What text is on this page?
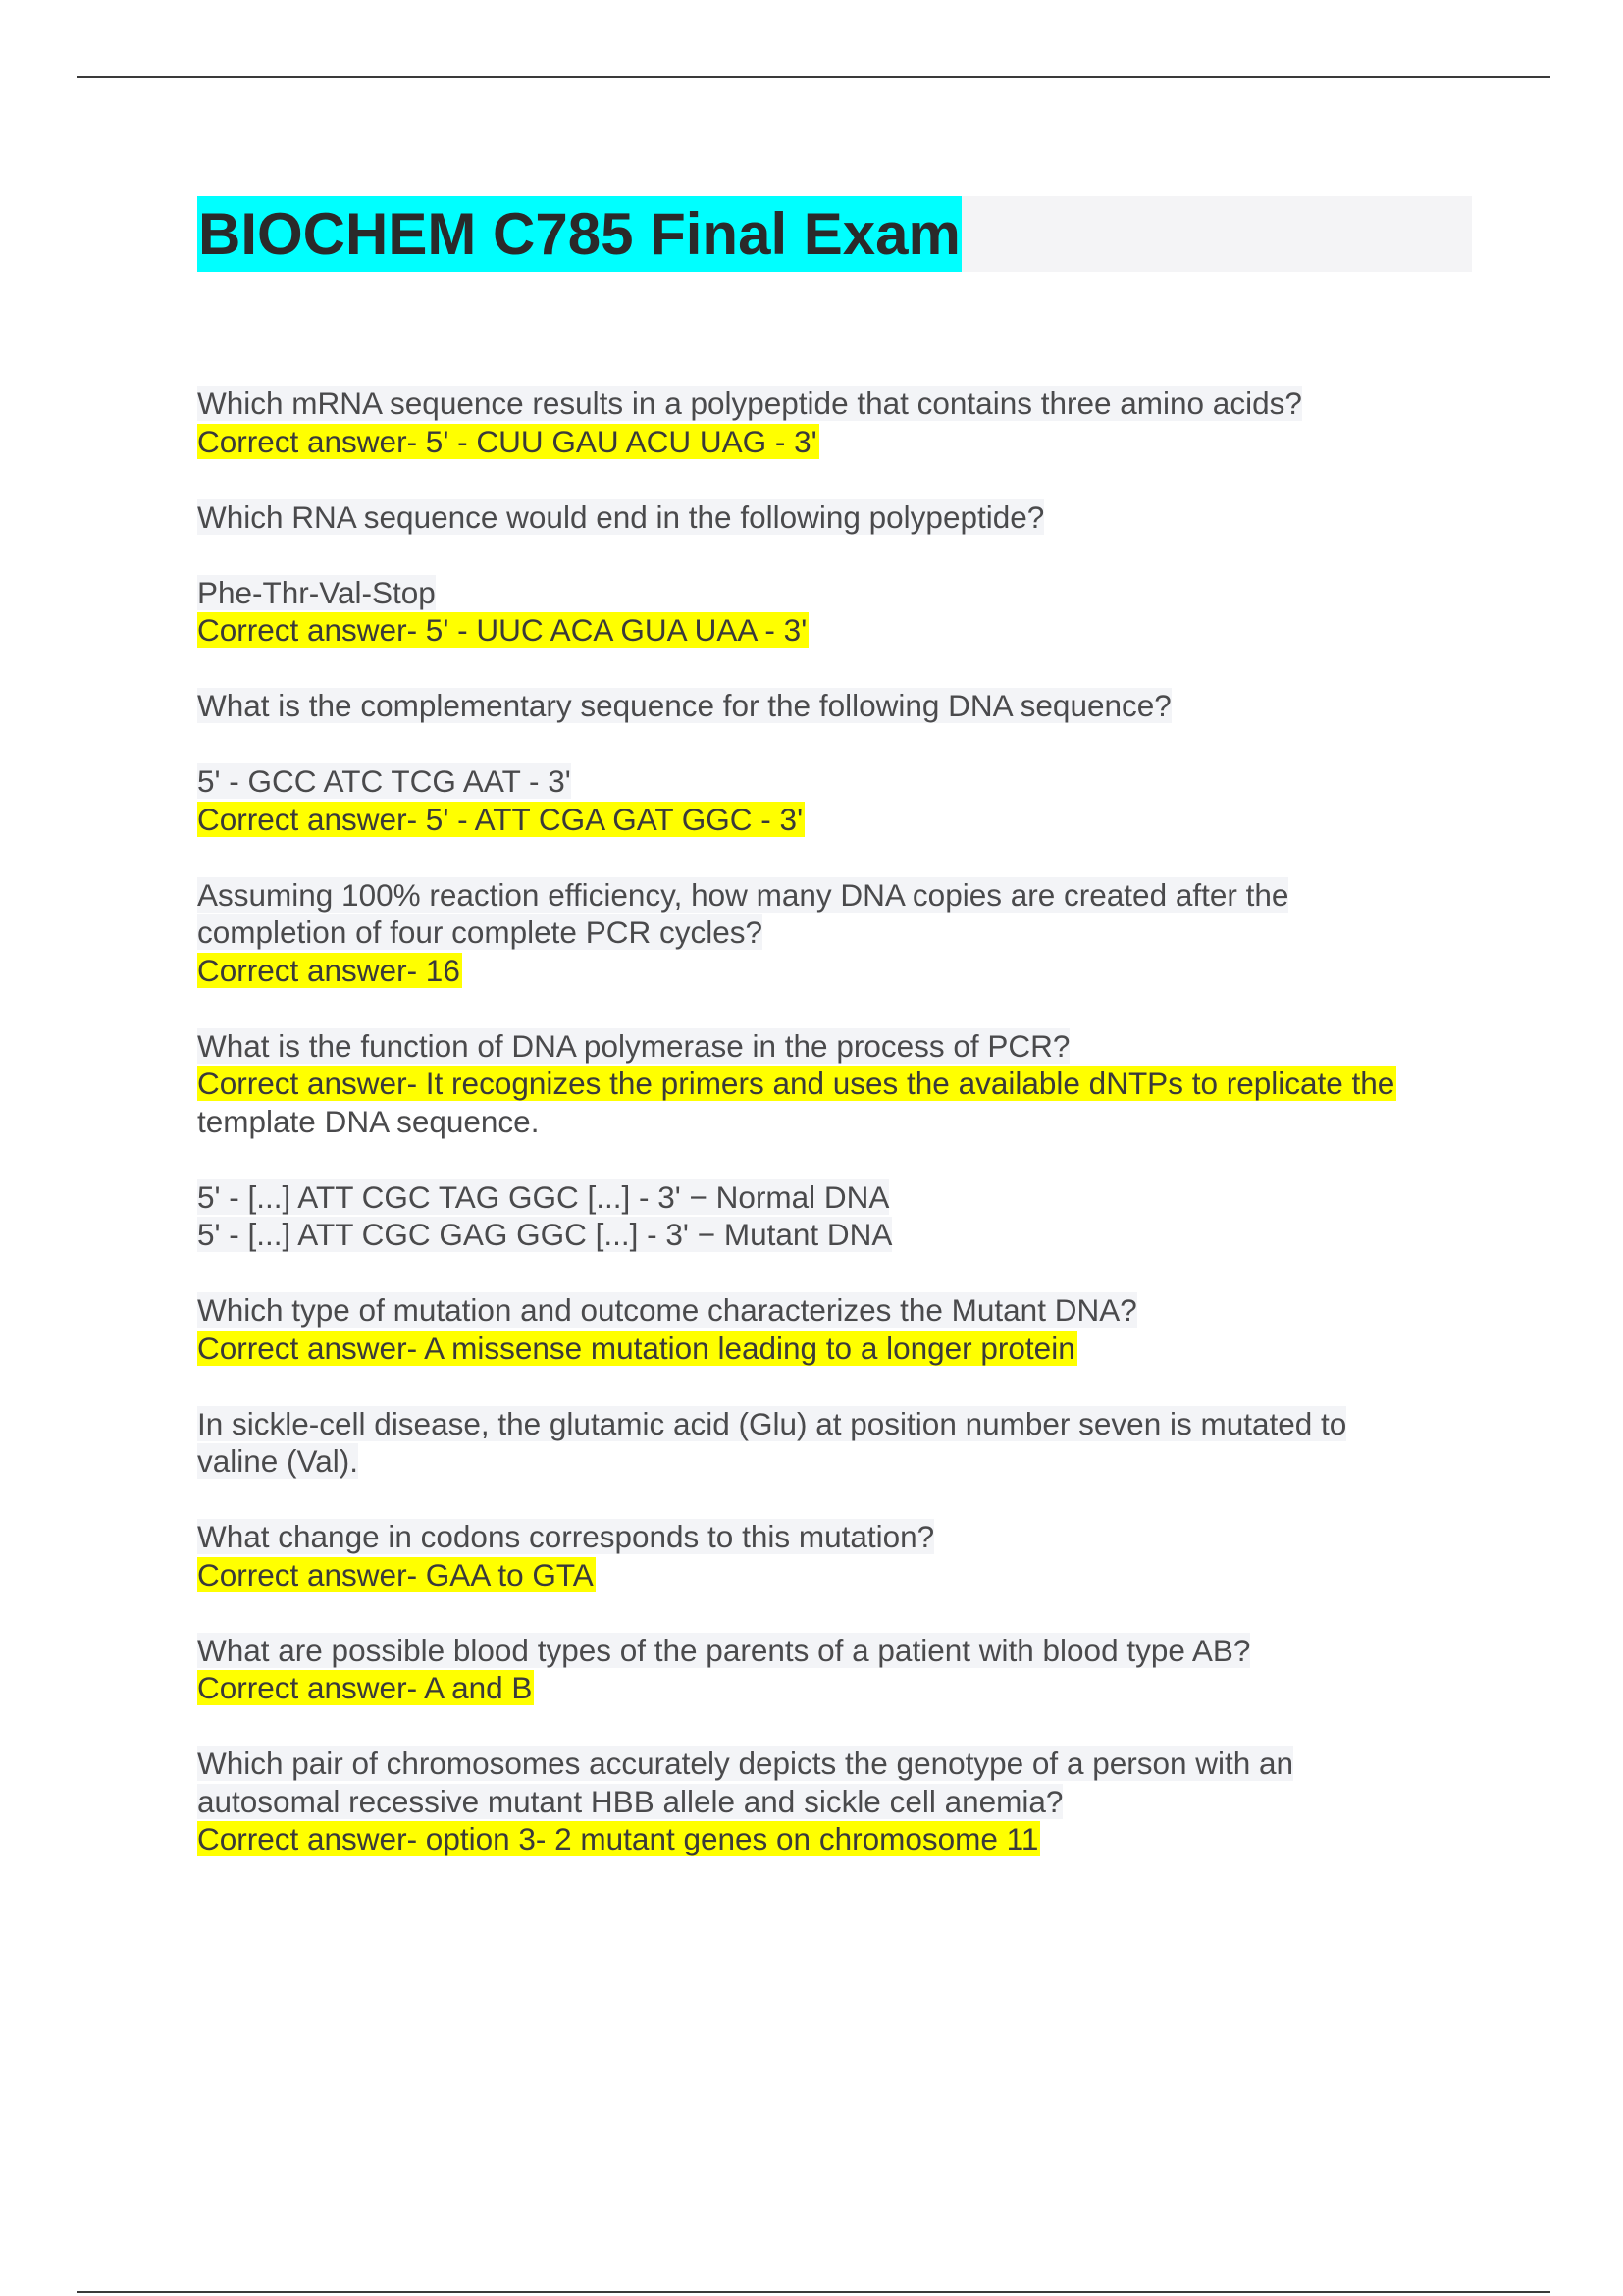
BIOCHEM C785 Final Exam
Which mRNA sequence results in a polypeptide that contains three amino acids?
Correct answer- 5' - CUU GAU ACU UAG - 3'
Which RNA sequence would end in the following polypeptide?
Phe-Thr-Val-Stop
Correct answer- 5' - UUC ACA GUA UAA - 3'
What is the complementary sequence for the following DNA sequence?
5' - GCC ATC TCG AAT - 3'
Correct answer- 5' - ATT CGA GAT GGC - 3'
Assuming 100% reaction efficiency, how many DNA copies are created after the
completion of four complete PCR cycles?
Correct answer- 16
What is the function of DNA polymerase in the process of PCR?
Correct answer- It recognizes the primers and uses the available dNTPs to replicate the
template DNA sequence.
5' - [...] ATT CGC TAG GGC [...] - 3' − Normal DNA
5' - [...] ATT CGC GAG GGC [...] - 3' − Mutant DNA
Which type of mutation and outcome characterizes the Mutant DNA?
Correct answer- A missense mutation leading to a longer protein
In sickle-cell disease, the glutamic acid (Glu) at position number seven is mutated to
valine (Val).
What change in codons corresponds to this mutation?
Correct answer- GAA to GTA
What are possible blood types of the parents of a patient with blood type AB?
Correct answer- A and B
Which pair of chromosomes accurately depicts the genotype of a person with an
autosomal recessive mutant HBB allele and sickle cell anemia?
Correct answer- option 3- 2 mutant genes on chromosome 11
